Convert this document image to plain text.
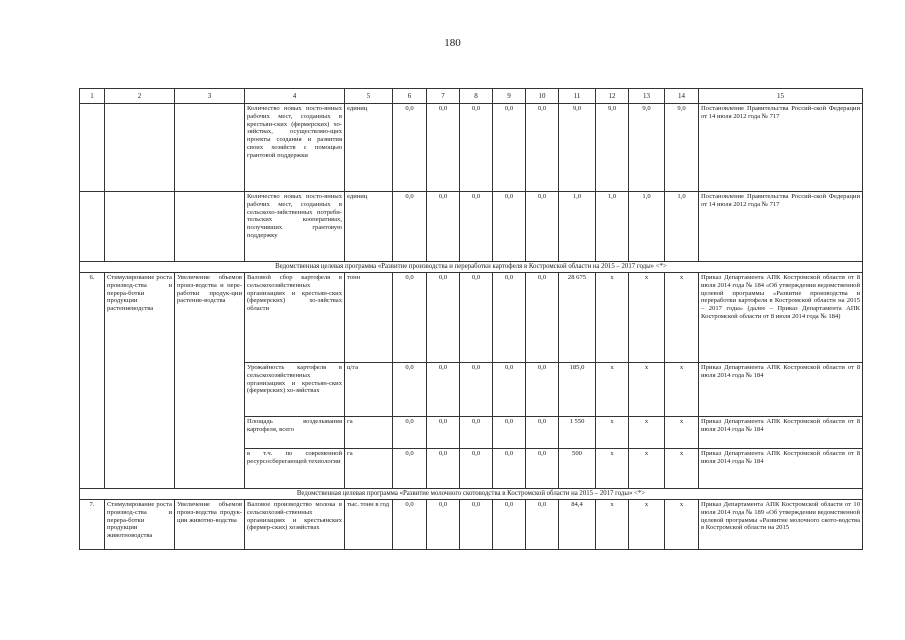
180
1	2	3	4	5	6	7	8	9	10	11	12	13	14	15
			Количество новых посто-янных рабочих мест, созданных в крестьян-ских (фермерских) хо-зяйствах, осуществляю-щих проекты создания и развития своих хозяйств с помощью грантовой поддержки	единиц	0,0	0,0	0,0	0,0	0,0	9,0	9,0	9,0	9,0	Постановление Правительства Россий-ской Федерации от 14 июля 2012 года № 717
			Количество новых посто-янных рабочих мест, созданных в сельскохо-зяйственных потреби-тельских кооперативах, получивших грантовую поддержку	единиц	0,0	0,0	0,0	0,0	0,0	1,0	1,0	1,0	1,0	Постановление Правительства Россий-ской Федерации от 14 июля 2012 года № 717
Ведомственная целевая программа «Развитие производства и переработки картофеля в Костромской области на 2015 – 2017 годы» <*>														
6.	Стимулирование роста производ-ства и перера-ботки продукции растениеводства	Увеличение объемов произ-водства и пере-работки продук-ции растение-водства	Валовой сбор картофеля в сельскохозяйственных организациях и крестьян-ских (фермерских) хо-зяйствах области	тонн	0,0	0,0	0,0	0,0	0,0	28 675	х	х	х	Приказ Департамента АПК Костромской области от 8 июля 2014 года № 184 «Об утверждении ведомственной целевой программы «Развитие производства и переработки картофеля в Костромской области на 2015 – 2017 годы» (далее – Приказ Департамента АПК Костромской области от 8 июля 2014 года № 184)
			Урожайность картофеля в сельскохозяйственных организациях и крестьян-ских (фермерских) хо-зяйствах	ц/га	0,0	0,0	0,0	0,0	0,0	185,0	х	х	х	Приказ Департамента АПК Костромской области от 8 июля 2014 года № 184
			Площадь возделывания картофеля, всего	га	0,0	0,0	0,0	0,0	0,0	1 550	х	х	х	Приказ Департамента АПК Костромской области от 8 июля 2014 года № 184
			в т.ч. по современной ресурсосберегающей технологии	га	0,0	0,0	0,0	0,0	0,0	500	х	х	х	Приказ Департамента АПК Костромской области от 8 июля 2014 года № 184
Ведомственная целевая программа «Развитие молочного скотоводства в Костромской области на 2015 – 2017 годы» <*>														
7.	Стимулирование роста производ-ства и перера-ботки продукции животноводства	Увеличение объемов произ-водства продук-ции животно-водства	Валовое производство молока в сельскохозяй-ственных организациях и крестьянских (фермер-ских) хозяйствах	тыс. тонн в год	0,0	0,0	0,0	0,0	0,0	84,4	х	х	х	Приказ Департамента АПК Костромской области от 10 июля 2014 года № 189 «Об утверждении ведомственной целевой программы «Развитие молочного ското-водства в Костромской области на 2015
